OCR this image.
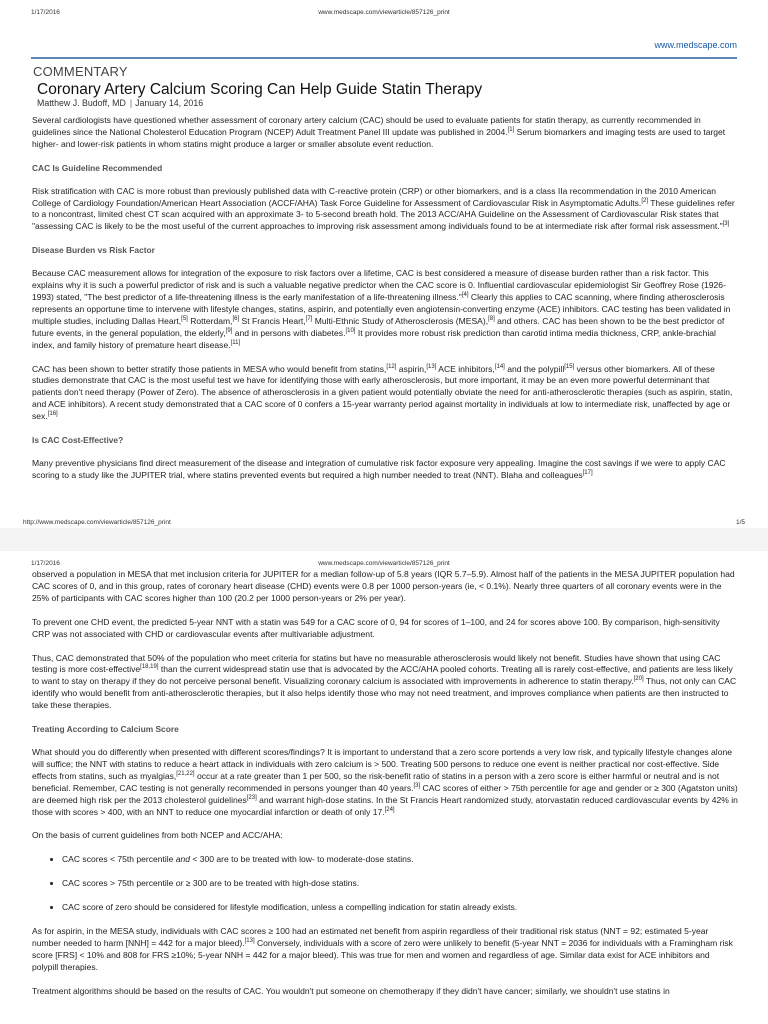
1/17/2016	www.medscape.com/viewarticle/857126_print
www.medscape.com
COMMENTARY
Coronary Artery Calcium Scoring Can Help Guide Statin Therapy
Matthew J. Budoff, MD | January 14, 2016

Several cardiologists have questioned whether assessment of coronary artery calcium (CAC) should be used to evaluate patients for statin therapy, as currently recommended in guidelines since the National Cholesterol Education Program (NCEP) Adult Treatment Panel III update was published in 2004.[1] Serum biomarkers and imaging tests are used to target higher- and lower-risk patients in whom statins might produce a larger or smaller absolute event reduction.

CAC Is Guideline Recommended

Risk stratification with CAC is more robust than previously published data with C-reactive protein (CRP) or other biomarkers, and is a class IIa recommendation in the 2010 American College of Cardiology Foundation/American Heart Association (ACCF/AHA) Task Force Guideline for Assessment of Cardiovascular Risk in Asymptomatic Adults.[2] These guidelines refer to a noncontrast, limited chest CT scan acquired with an approximate 3- to 5-second breath hold. The 2013 ACC/AHA Guideline on the Assessment of Cardiovascular Risk states that "assessing CAC is likely to be the most useful of the current approaches to improving risk assessment among individuals found to be at intermediate risk after formal risk assessment."[3]

Disease Burden vs Risk Factor

Because CAC measurement allows for integration of the exposure to risk factors over a lifetime, CAC is best considered a measure of disease burden rather than a risk factor. This explains why it is such a powerful predictor of risk and is such a valuable negative predictor when the CAC score is 0. Influential cardiovascular epidemiologist Sir Geoffrey Rose (1926-1993) stated, "The best predictor of a life-threatening illness is the early manifestation of a life-threatening illness."[4] Clearly this applies to CAC scanning, where finding atherosclerosis represents an opportune time to intervene with lifestyle changes, statins, aspirin, and potentially even angiotensin-converting enzyme (ACE) inhibitors. CAC testing has been validated in multiple studies, including Dallas Heart,[5] Rotterdam,[6] St Francis Heart,[7] Multi-Ethnic Study of Atherosclerosis (MESA),[8] and others. CAC has been shown to be the best predictor of future events, in the general population, the elderly,[9] and in persons with diabetes.[10] It provides more robust risk prediction than carotid intima media thickness, CRP, ankle-brachial index, and family history of premature heart disease.[11]

CAC has been shown to better stratify those patients in MESA who would benefit from statins,[12] aspirin,[13] ACE inhibitors,[14] and the polypill[15] versus other biomarkers. All of these studies demonstrate that CAC is the most useful test we have for identifying those with early atherosclerosis, but more important, it may be an even more powerful determinant that patients don't need therapy (Power of Zero). The absence of atherosclerosis in a given patient would potentially obviate the need for anti-atherosclerotic therapies (such as aspirin, statin, and ACE inhibitors). A recent study demonstrated that a CAC score of 0 confers a 15-year warranty period against mortality in individuals at low to intermediate risk, unaffected by age or sex.[16]

Is CAC Cost-Effective?

Many preventive physicians find direct measurement of the disease and integration of cumulative risk factor exposure very appealing. Imagine the cost savings if we were to apply CAC scoring to a study like the JUPITER trial, where statins prevented events but required a high number needed to treat (NNT). Blaha and colleagues[17]

http://www.medscape.com/viewarticle/857126_print	1/5
1/17/2016	www.medscape.com/viewarticle/857126_print

observed a population in MESA that met inclusion criteria for JUPITER for a median follow-up of 5.8 years (IQR 5.7–5.9). Almost half of the patients in the MESA JUPITER population had CAC scores of 0, and in this group, rates of coronary heart disease (CHD) events were 0.8 per 1000 person-years (ie, < 0.1%). Nearly three quarters of all coronary events were in the 25% of participants with CAC scores higher than 100 (20.2 per 1000 person-years or 2% per year).

To prevent one CHD event, the predicted 5-year NNT with a statin was 549 for a CAC score of 0, 94 for scores of 1–100, and 24 for scores above 100. By comparison, high-sensitivity CRP was not associated with CHD or cardiovascular events after multivariable adjustment.

Thus, CAC demonstrated that 50% of the population who meet criteria for statins but have no measurable atherosclerosis would likely not benefit. Studies have shown that using CAC testing is more cost-effective[18,19] than the current widespread statin use that is advocated by the ACC/AHA pooled cohorts. Treating all is rarely cost-effective, and patients are less likely to want to stay on therapy if they do not perceive personal benefit. Visualizing coronary calcium is associated with improvements in adherence to statin therapy.[20] Thus, not only can CAC identify who would benefit from anti-atherosclerotic therapies, but it also helps identify those who may not need treatment, and improves compliance when patients are then instructed to take these therapies.

Treating According to Calcium Score

What should you do differently when presented with different scores/findings? It is important to understand that a zero score portends a very low risk, and typically lifestyle changes alone will suffice; the NNT with statins to reduce a heart attack in individuals with zero calcium is > 500. Treating 500 persons to reduce one event is neither practical nor cost-effective. Side effects from statins, such as myalgias,[21,22] occur at a rate greater than 1 per 500, so the risk-benefit ratio of statins in a person with a zero score is either harmful or neutral and is not beneficial. Remember, CAC testing is not generally recommended in persons younger than 40 years.[3] CAC scores of either > 75th percentile for age and gender or ≥ 300 (Agatston units) are deemed high risk per the 2013 cholesterol guidelines[23] and warrant high-dose statins. In the St Francis Heart randomized study, atorvastatin reduced cardiovascular events by 42% in those with scores > 400, with an NNT to reduce one myocardial infarction or death of only 17.[24]

On the basis of current guidelines from both NCEP and ACC/AHA:

• CAC scores < 75th percentile and < 300 are to be treated with low- to moderate-dose statins.
• CAC scores > 75th percentile or ≥ 300 are to be treated with high-dose statins.
• CAC score of zero should be considered for lifestyle modification, unless a compelling indication for statin already exists.

As for aspirin, in the MESA study, individuals with CAC scores ≥ 100 had an estimated net benefit from aspirin regardless of their traditional risk status (NNT = 92; estimated 5-year number needed to harm [NNH] = 442 for a major bleed).[13] Conversely, individuals with a score of zero were unlikely to benefit (5-year NNT = 2036 for individuals with a Framingham risk score [FRS] < 10% and 808 for FRS ≥10%; 5-year NNH = 442 for a major bleed). This was true for men and women and regardless of age. Similar data exist for ACE inhibitors and polypill therapies.

Treatment algorithms should be based on the results of CAC. You wouldn't put someone on chemotherapy if they didn't have cancer; similarly, we shouldn't use statins in
